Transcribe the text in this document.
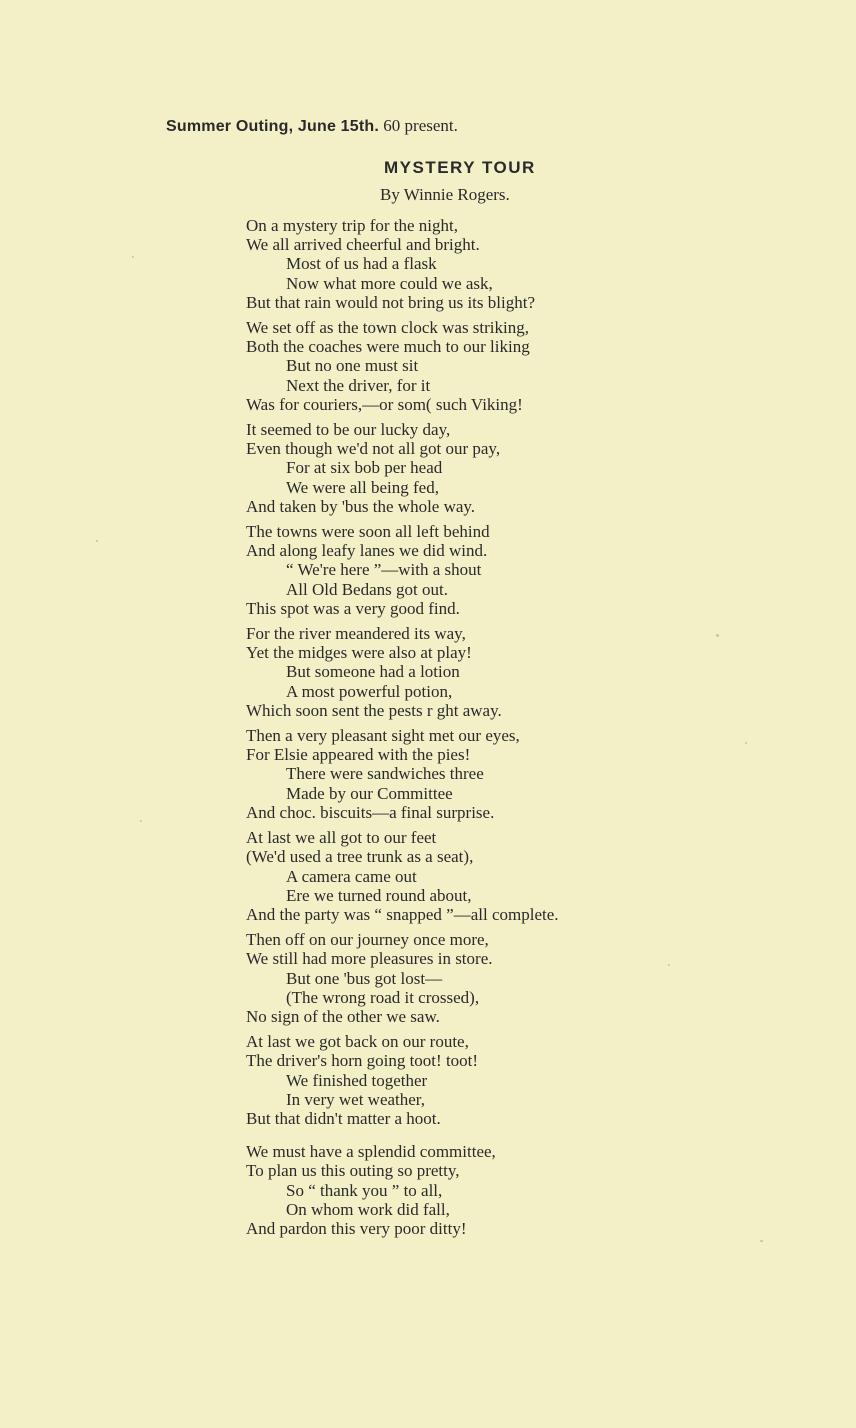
Summer Outing, June 15th. 60 present.
MYSTERY TOUR
By Winnie Rogers.
On a mystery trip for the night,
We all arrived cheerful and bright.
Most of us had a flask
Now what more could we ask,
But that rain would not bring us its blight?
We set off as the town clock was striking,
Both the coaches were much to our liking
But no one must sit
Next the driver, for it
Was for couriers,—or som( such Viking!
It seemed to be our lucky day,
Even though we'd not all got our pay,
For at six bob per head
We were all being fed,
And taken by 'bus the whole way.
The towns were soon all left behind
And along leafy lanes we did wind.
“ We're here ”—with a shout
All Old Bedans got out.
This spot was a very good find.
For the river meandered its way,
Yet the midges were also at play!
But someone had a lotion
A most powerful potion,
Which soon sent the pests r ght away.
Then a very pleasant sight met our eyes,
For Elsie appeared with the pies!
There were sandwiches three
Made by our Committee
And choc. biscuits—a final surprise.
At last we all got to our feet
(We'd used a tree trunk as a seat),
A camera came out
Ere we turned round about,
And the party was “ snapped ”—all complete.
Then off on our journey once more,
We still had more pleasures in store.
But one 'bus got lost—
(The wrong road it crossed),
No sign of the other we saw.
At last we got back on our route,
The driver's horn going toot! toot!
We finished together
In very wet weather,
But that didn't matter a hoot.
We must have a splendid committee,
To plan us this outing so pretty,
So “ thank you ” to all,
On whom work did fall,
And pardon this very poor ditty!
